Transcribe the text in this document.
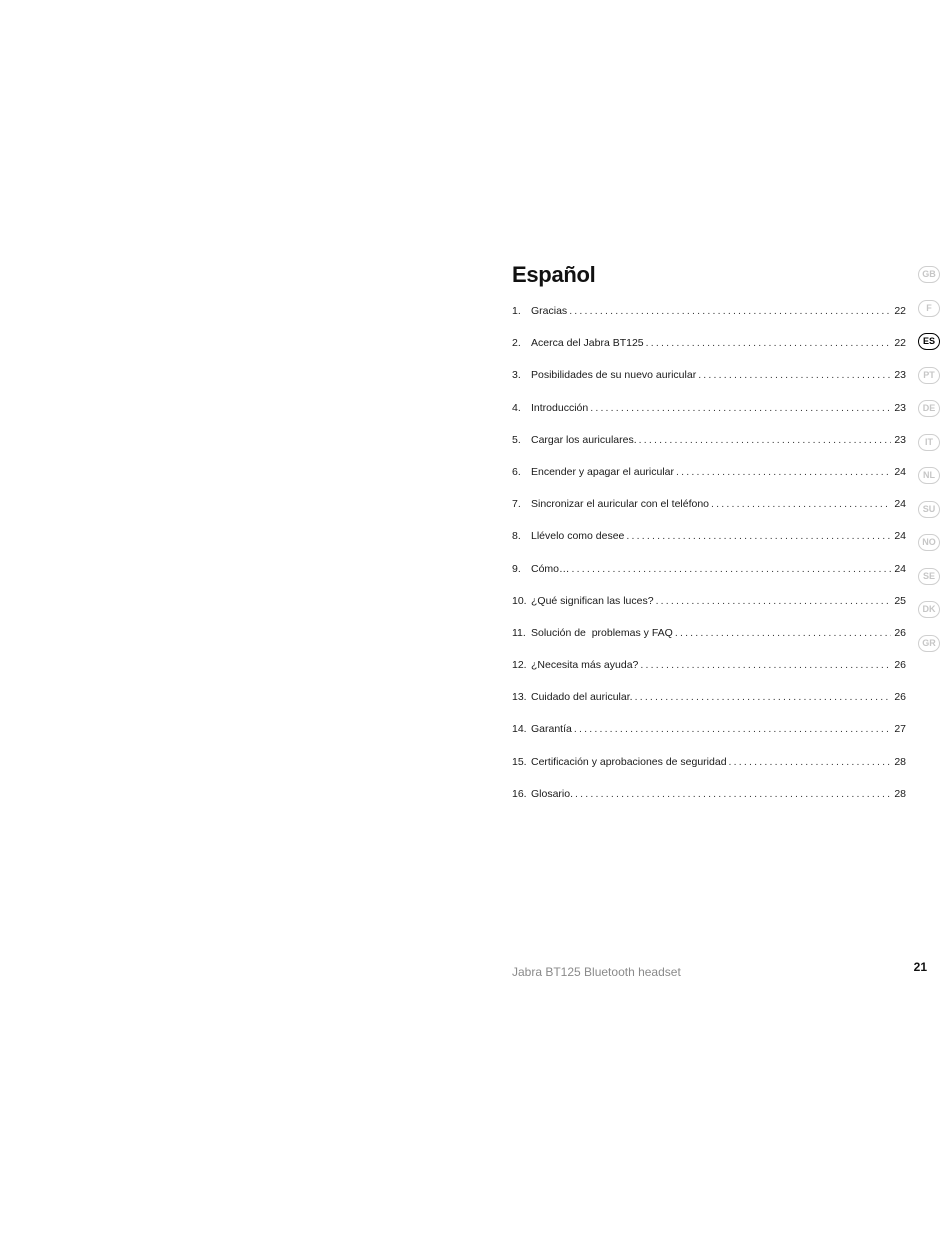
Español
1. Gracias .....	22
2. Acerca del Jabra BT125 .....	22
3. Posibilidades de su nuevo auricular .....	23
4. Introducción .....	23
5. Cargar los auriculares. .....	23
6. Encender y apagar el auricular .....	24
7. Sincronizar el auricular con el teléfono .....	24
8. Llévelo como desee .....	24
9. Cómo… .....	24
10. ¿Qué significan las luces? .....	25
11. Solución de  problemas y FAQ .....	26
12. ¿Necesita más ayuda? .....	26
13. Cuidado del auricular. .....	26
14. Garantía .....	27
15. Certificación y aprobaciones de seguridad .....	28
16. Glosario. .....	28
GB
F
ES
PT
DE
IT
NL
SU
NO
SE
DK
GR
Jabra BT125 Bluetooth headset	21
